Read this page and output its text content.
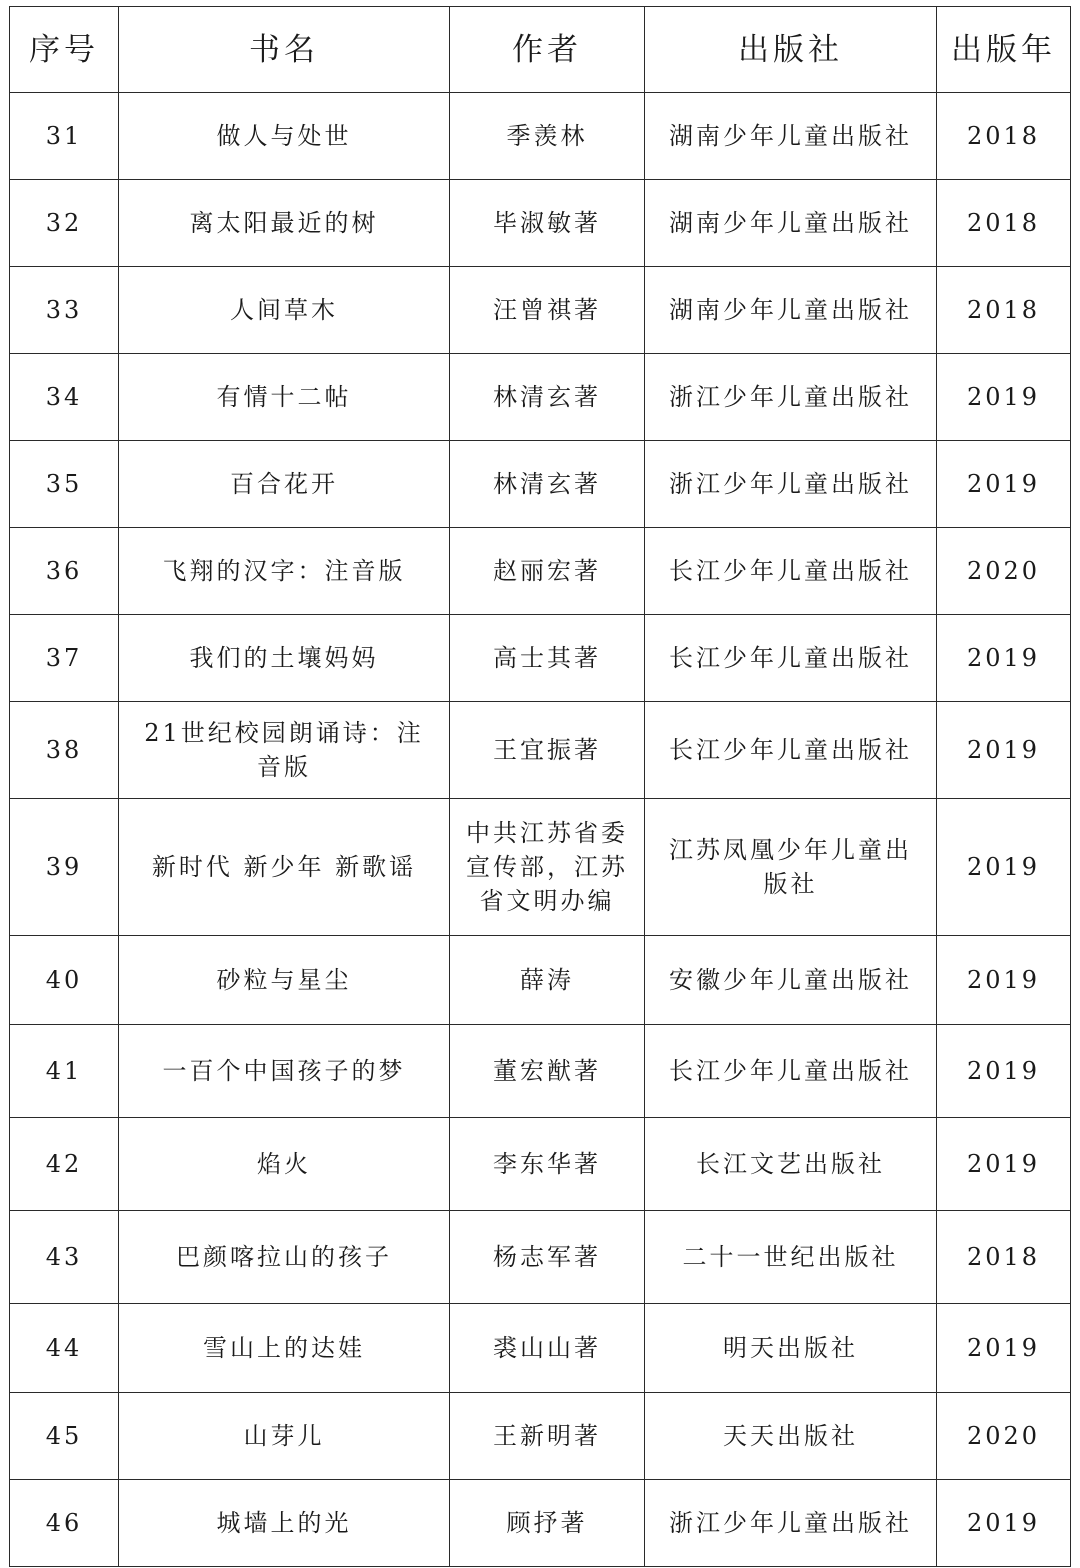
序号	书名	作者	出版社	出版年
31	做人与处世	季羡林	湖南少年儿童出版社	2018
32	离太阳最近的树	毕淑敏著	湖南少年儿童出版社	2018
33	人间草木	汪曾祺著	湖南少年儿童出版社	2018
34	有情十二帖	林清玄著	浙江少年儿童出版社	2019
35	百合花开	林清玄著	浙江少年儿童出版社	2019
36	飞翔的汉字：注音版	赵丽宏著	长江少年儿童出版社	2020
37	我们的土壤妈妈	高士其著	长江少年儿童出版社	2019
38	21世纪校园朗诵诗：注音版	王宜振著	长江少年儿童出版社	2019
39	新时代 新少年 新歌谣	中共江苏省委宣传部，江苏省文明办编	江苏凤凰少年儿童出版社	2019
40	砂粒与星尘	薛涛	安徽少年儿童出版社	2019
41	一百个中国孩子的梦	董宏猷著	长江少年儿童出版社	2019
42	焰火	李东华著	长江文艺出版社	2019
43	巴颜喀拉山的孩子	杨志军著	二十一世纪出版社	2018
44	雪山上的达娃	裘山山著	明天出版社	2019
45	山芽儿	王新明著	天天出版社	2020
46	城墙上的光	顾抒著	浙江少年儿童出版社	2019
